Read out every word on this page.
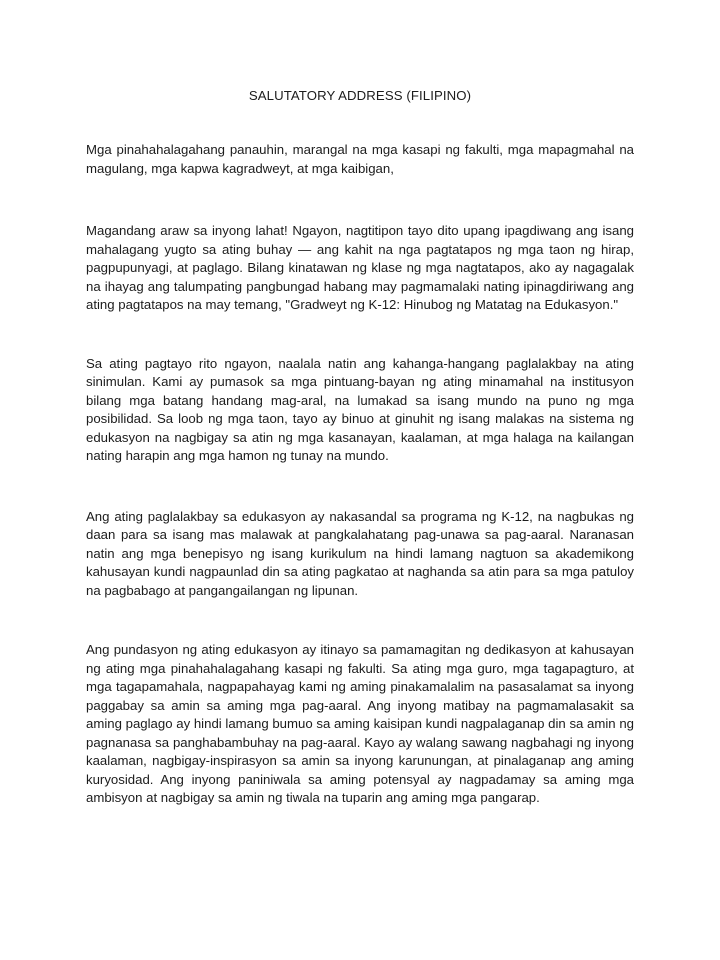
SALUTATORY ADDRESS (FILIPINO)

Mga pinahahalagahang panauhin, marangal na mga kasapi ng fakulti, mga mapagmahal na magulang, mga kapwa kagradweyt, at mga kaibigan,

Magandang araw sa inyong lahat! Ngayon, nagtitipon tayo dito upang ipagdiwang ang isang mahalagang yugto sa ating buhay — ang kahit na nga pagtatapos ng mga taon ng hirap, pagpupunyagi, at paglago. Bilang kinatawan ng klase ng mga nagtatapos, ako ay nagagalak na ihayag ang talumpating pangbungad habang may pagmamalaki nating ipinagdiriwang ang ating pagtatapos na may temang, "Gradweyt ng K-12: Hinubog ng Matatag na Edukasyon."

Sa ating pagtayo rito ngayon, naalala natin ang kahanga-hangang paglalakbay na ating sinimulan. Kami ay pumasok sa mga pintuang-bayan ng ating minamahal na institusyon bilang mga batang handang mag-aral, na lumakad sa isang mundo na puno ng mga posibilidad. Sa loob ng mga taon, tayo ay binuo at ginuhit ng isang malakas na sistema ng edukasyon na nagbigay sa atin ng mga kasanayan, kaalaman, at mga halaga na kailangan nating harapin ang mga hamon ng tunay na mundo.

Ang ating paglalakbay sa edukasyon ay nakasandal sa programa ng K-12, na nagbukas ng daan para sa isang mas malawak at pangkalahatang pag-unawa sa pag-aaral. Naranasan natin ang mga benepisyo ng isang kurikulum na hindi lamang nagtuon sa akademikong kahusayan kundi nagpaunlad din sa ating pagkatao at naghanda sa atin para sa mga patuloy na pagbabago at pangangailangan ng lipunan.

Ang pundasyon ng ating edukasyon ay itinayo sa pamamagitan ng dedikasyon at kahusayan ng ating mga pinahahalagahang kasapi ng fakulti. Sa ating mga guro, mga tagapagturo, at mga tagapamahala, nagpapahayag kami ng aming pinakamalalim na pasasalamat sa inyong paggabay sa amin sa aming mga pag-aaral. Ang inyong matibay na pagmamalasakit sa aming paglago ay hindi lamang bumuo sa aming kaisipan kundi nagpalaganap din sa amin ng pagnanasa sa panghabambuhay na pag-aaral. Kayo ay walang sawang nagbahagi ng inyong kaalaman, nagbigay-inspirasyon sa amin sa inyong karunungan, at pinalaganap ang aming kuryosidad. Ang inyong paniniwala sa aming potensyal ay nagpadamay sa aming mga ambisyon at nagbigay sa amin ng tiwala na tuparin ang aming mga pangarap.
